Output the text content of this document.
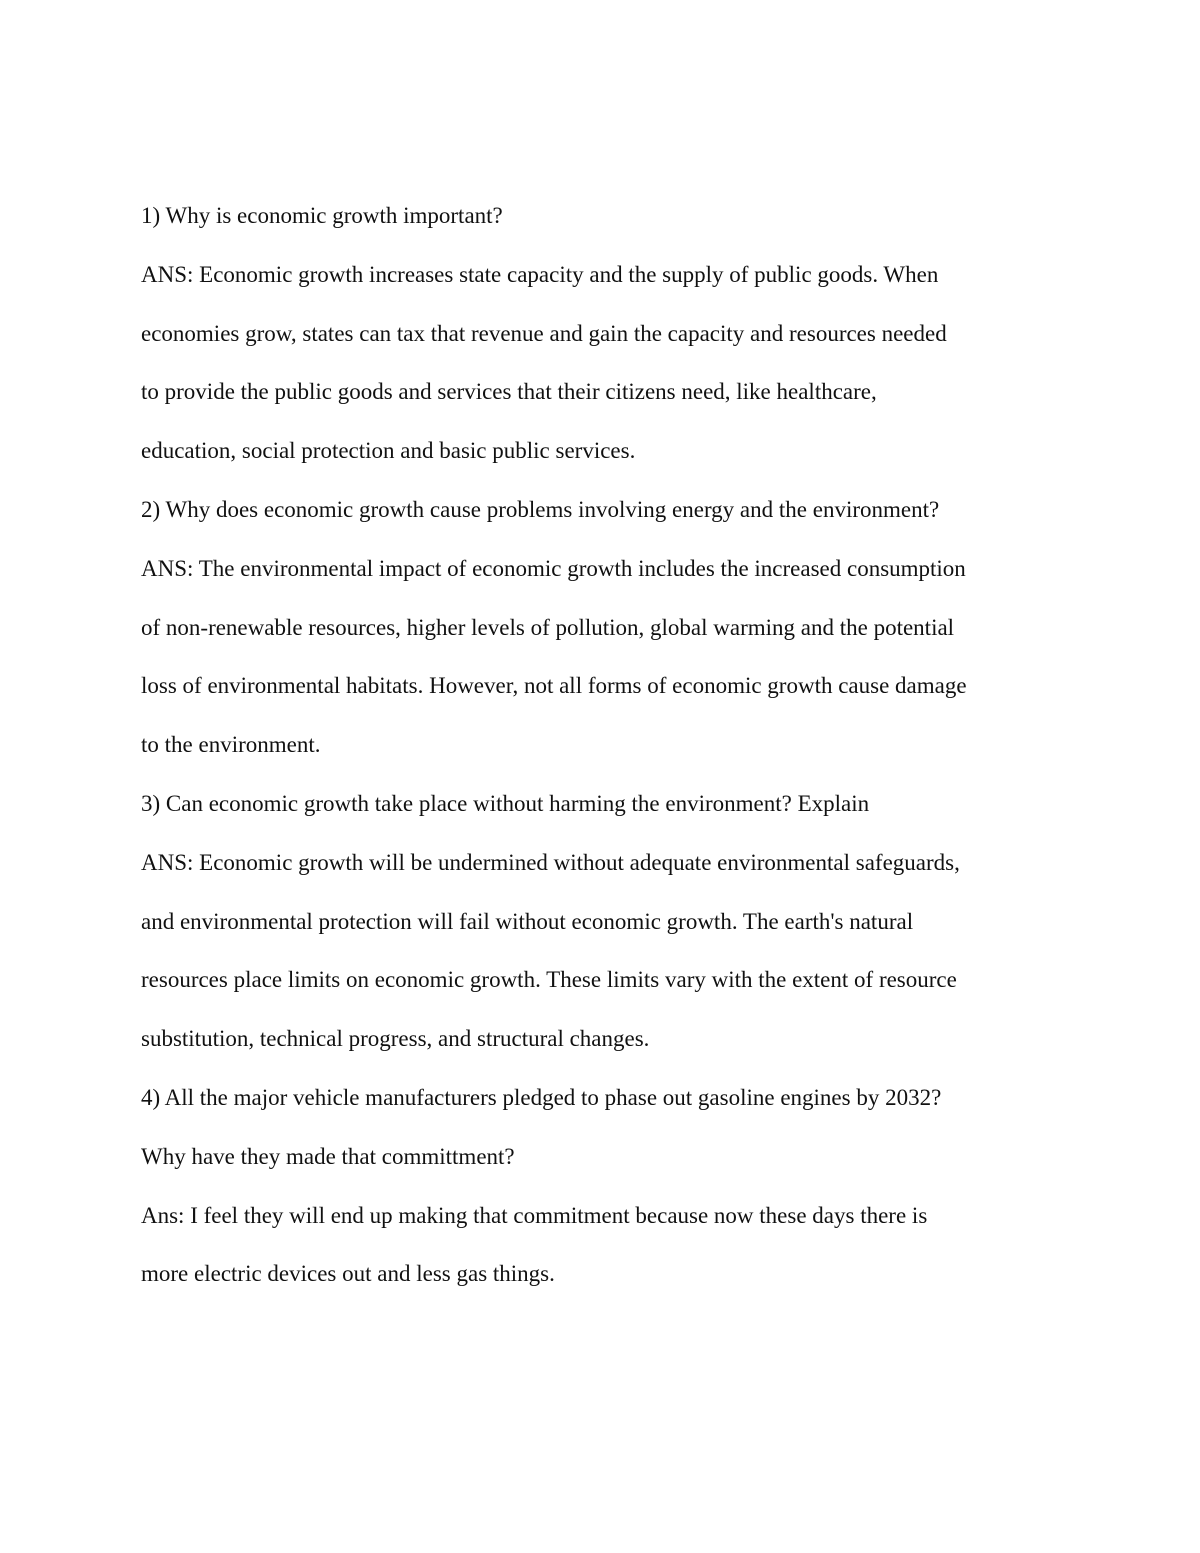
1) Why is economic growth important?
ANS: Economic growth increases state capacity and the supply of public goods. When
economies grow, states can tax that revenue and gain the capacity and resources needed
to provide the public goods and services that their citizens need, like healthcare,
education, social protection and basic public services.
2) Why does economic growth cause problems involving energy and the environment?
ANS: The environmental impact of economic growth includes the increased consumption
of non-renewable resources, higher levels of pollution, global warming and the potential
loss of environmental habitats. However, not all forms of economic growth cause damage
to the environment.
3) Can economic growth take place without harming the environment? Explain
ANS: Economic growth will be undermined without adequate environmental safeguards,
and environmental protection will fail without economic growth. The earth's natural
resources place limits on economic growth. These limits vary with the extent of resource
substitution, technical progress, and structural changes.
4) All the major vehicle manufacturers pledged to phase out gasoline engines by 2032?
Why have they made that committment?
Ans: I feel they will end up making that commitment because now these days there is
more electric devices out and less gas things.
